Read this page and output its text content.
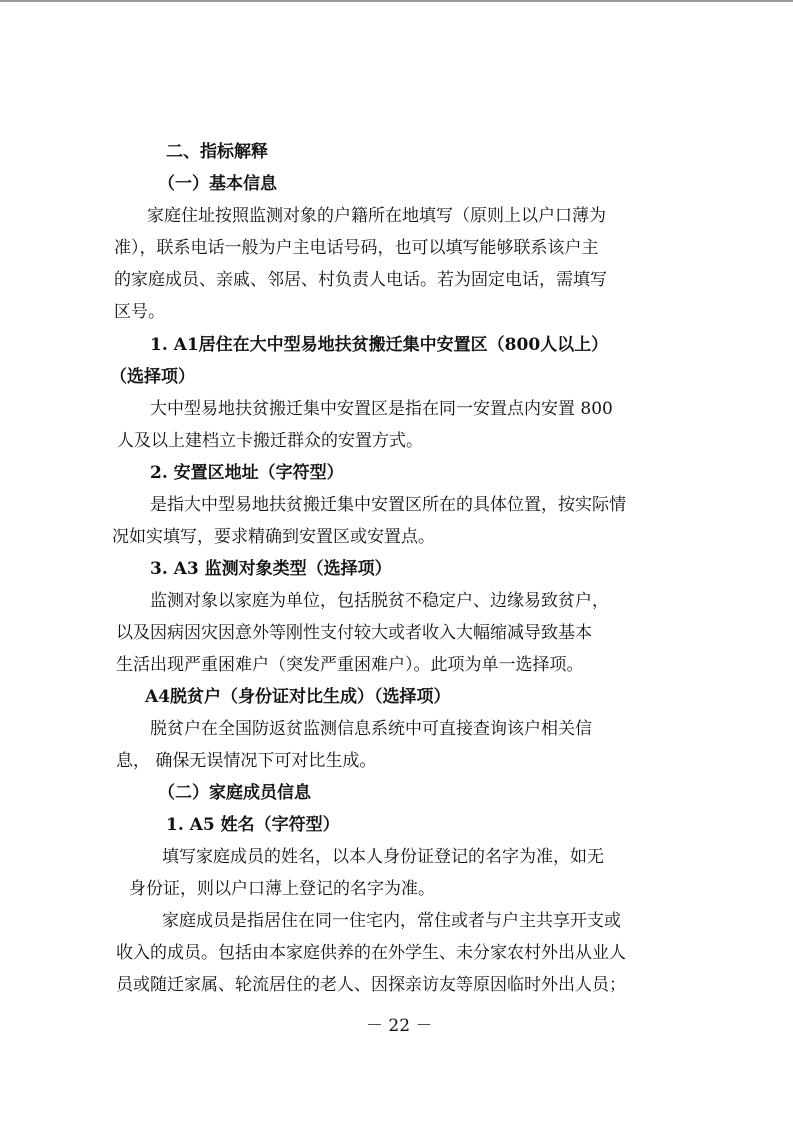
二、指标解释
（一）基本信息
家庭住址按照监测对象的户籍所在地填写（原则上以户口薄为
准），联系电话一般为户主电话号码，也可以填写能够联系该户主
的家庭成员、亲戚、邻居、村负责人电话。若为固定电话，需填写
区号。
1. A1居住在大中型易地扶贫搬迁集中安置区（800人以上）
（选择项）
大中型易地扶贫搬迁集中安置区是指在同一安置点内安置 800
人及以上建档立卡搬迁群众的安置方式。
2. 安置区地址（字符型）
是指大中型易地扶贫搬迁集中安置区所在的具体位置，按实际情
况如实填写，要求精确到安置区或安置点。
3. A3 监测对象类型（选择项）
监测对象以家庭为单位，包括脱贫不稳定户、边缘易致贫户，
以及因病因灾因意外等刚性支付较大或者收入大幅缩减导致基本
生活出现严重困难户（突发严重困难户）。此项为单一选择项。
A4脱贫户（身份证对比生成）（选择项）
脱贫户在全国防返贫监测信息系统中可直接查询该户相关信
息， 确保无误情况下可对比生成。
（二）家庭成员信息
1. A5 姓名（字符型）
填写家庭成员的姓名，以本人身份证登记的名字为准，如无
身份证，则以户口薄上登记的名字为准。
家庭成员是指居住在同一住宅内，常住或者与户主共享开支或
收入的成员。包括由本家庭供养的在外学生、未分家农村外出从业人
员或随迁家属、轮流居住的老人、因探亲访友等原因临时外出人员；
－ 22 －
